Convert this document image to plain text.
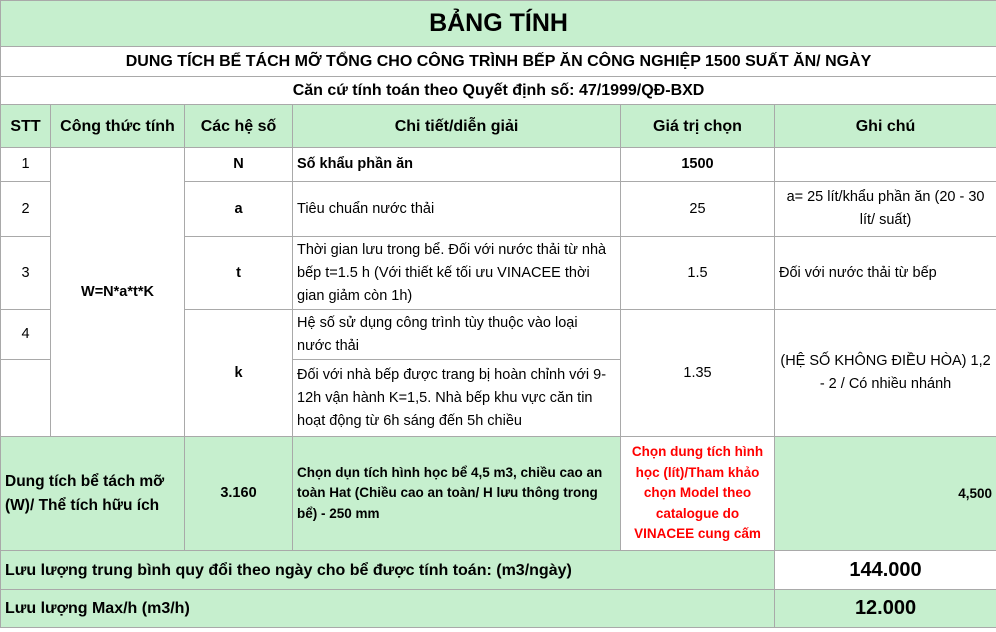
BẢNG TÍNH					
DUNG TÍCH BỂ TÁCH MỠ TỔNG CHO CÔNG TRÌNH BẾP ĂN CÔNG NGHIỆP 1500 SUẤT ĂN/ NGÀY					
Căn cứ tính toán theo Quyết định số: 47/1999/QĐ-BXD					
STT	Công thức tính	Các hệ số	Chi tiết/diễn giải	Giá trị chọn	Ghi chú
1	W=N*a*t*K	N	Số khẩu phần ăn	1500	
2		a	Tiêu chuẩn nước thải	25	a= 25 lít/khẩu phần ăn (20 - 30 lít/ suất)
3		t	Thời gian lưu trong bể. Đối với nước thải từ nhà bếp t=1.5 h (Với thiết kế tối ưu VINACEE thời gian giảm còn 1h)	1.5	Đối với nước thải từ bếp
4		k	Hệ số sử dụng công trình tùy thuộc vào loại nước thải	1.35	(HỆ SỐ KHÔNG ĐIỀU HÒA) 1,2 - 2 / Có nhiều nhánh
			Đối với nhà bếp được trang bị hoàn chỉnh với 9-12h vận hành K=1,5. Nhà bếp khu vực căn tin hoạt động từ 6h sáng đến 5h chiều		
Dung tích bể tách mỡ (W)/ Thể tích hữu ích		3.160	Chọn dụn tích hình học bể 4,5 m3, chiều cao an toàn Hat (Chiều cao an toàn/ H lưu thông trong bể) - 250 mm	Chọn dung tích hình học (lít)/Tham khảo chọn Model theo catalogue do VINACEE cung cấm	4,500
Lưu lượng trung bình quy đổi theo ngày cho bể được tính toán: (m3/ngày)					144.000
Lưu lượng Max/h (m3/h)					12.000
